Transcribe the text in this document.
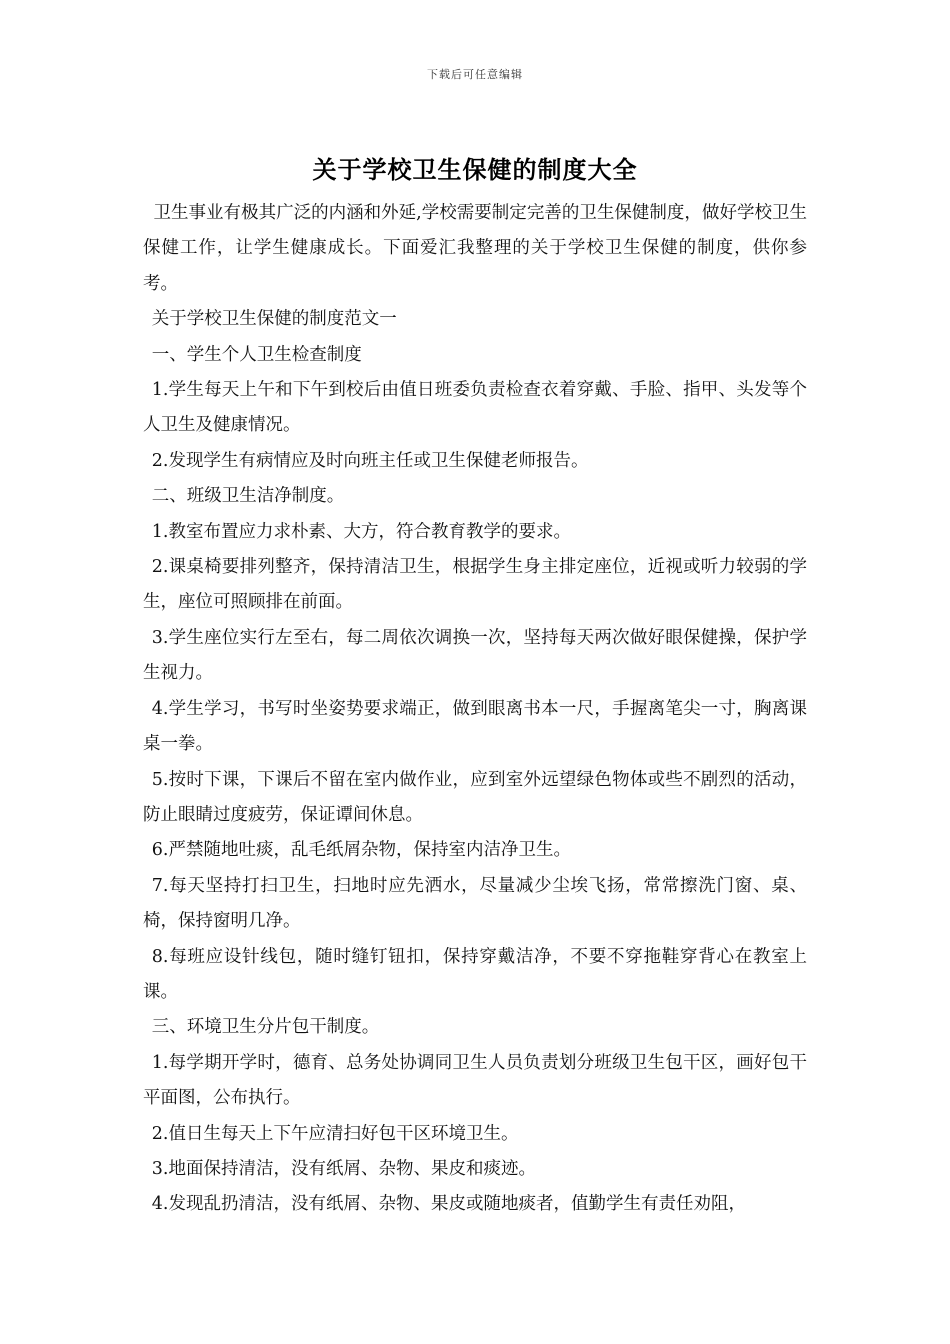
下载后可任意编辑
关于学校卫生保健的制度大全

卫生事业有极其广泛的内涵和外延,学校需要制定完善的卫生保健制度，做好学校卫生保健工作，让学生健康成长。下面爱汇我整理的关于学校卫生保健的制度，供你参考。

关于学校卫生保健的制度范文一

一、学生个人卫生检查制度

1.学生每天上午和下午到校后由值日班委负责检查衣着穿戴、手脸、指甲、头发等个人卫生及健康情况。

2.发现学生有病情应及时向班主任或卫生保健老师报告。

二、班级卫生洁净制度。

1.教室布置应力求朴素、大方，符合教育教学的要求。

2.课桌椅要排列整齐，保持清洁卫生，根据学生身主排定座位，近视或听力较弱的学生，座位可照顾排在前面。

3.学生座位实行左至右，每二周依次调换一次，坚持每天两次做好眼保健操，保护学生视力。

4.学生学习，书写时坐姿势要求端正，做到眼离书本一尺，手握离笔尖一寸，胸离课桌一拳。

5.按时下课，下课后不留在室内做作业，应到室外远望绿色物体或些不剧烈的活动，防止眼睛过度疲劳，保证谭间休息。

6.严禁随地吐痰，乱毛纸屑杂物，保持室内洁净卫生。

7.每天坚持打扫卫生，扫地时应先洒水，尽量减少尘埃飞扬，常常擦洗门窗、桌、椅，保持窗明几净。

8.每班应设针线包，随时缝钉钮扣，保持穿戴洁净，不要不穿拖鞋穿背心在教室上课。

三、环境卫生分片包干制度。

1.每学期开学时，德育、总务处协调同卫生人员负责划分班级卫生包干区，画好包干平面图，公布执行。

2.值日生每天上下午应清扫好包干区环境卫生。

3.地面保持清洁，没有纸屑、杂物、果皮和痰迹。

4.发现乱扔清洁，没有纸屑、杂物、果皮或随地痰者，值勤学生有责任劝阻，
